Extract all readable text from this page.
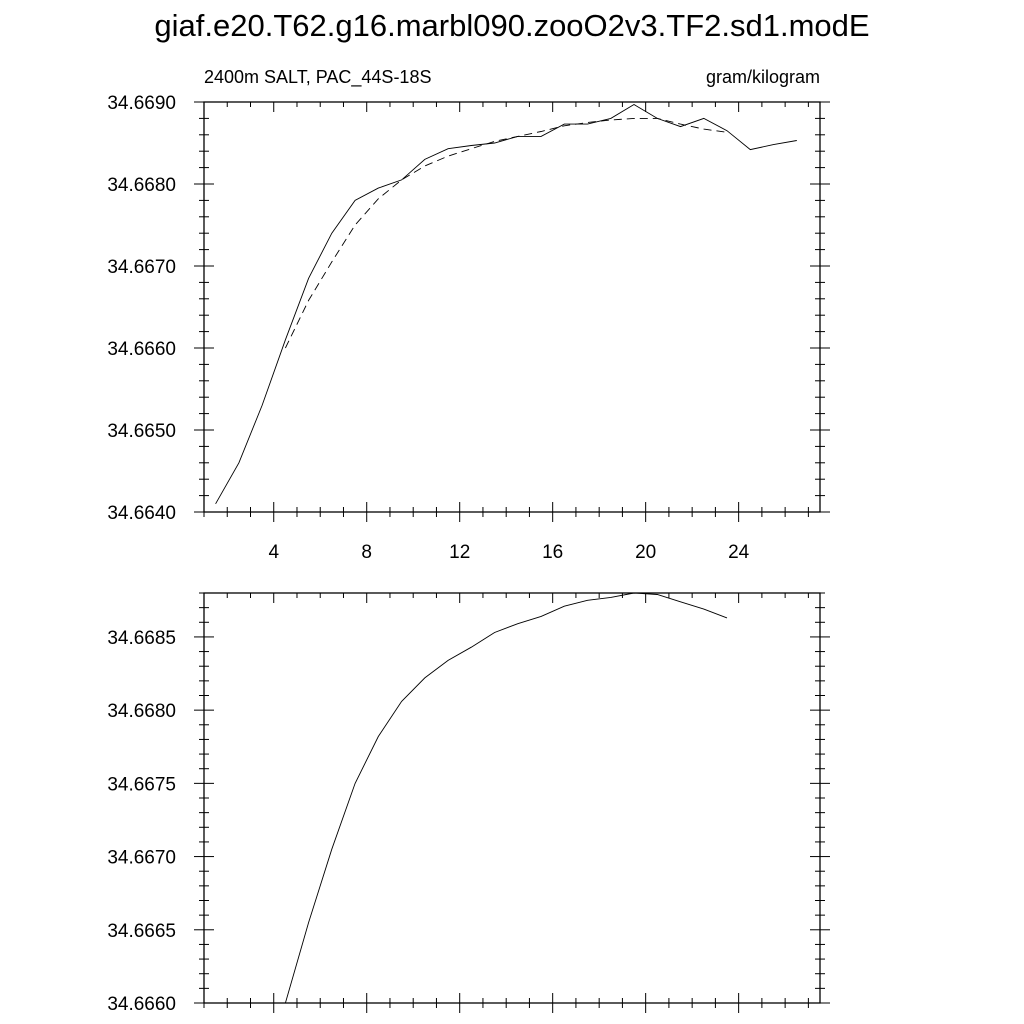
giaf.e20.T62.g16.marbl090.zooO2v3.TF2.sd1.modE
2400m SALT, PAC_44S-18S	gram/kilogram
4	8	12	16	20	24
34.6640
34.6650
34.6660
34.6670
34.6680
34.6690
34.6660
34.6665
34.6670
34.6675
34.6680
34.6685
